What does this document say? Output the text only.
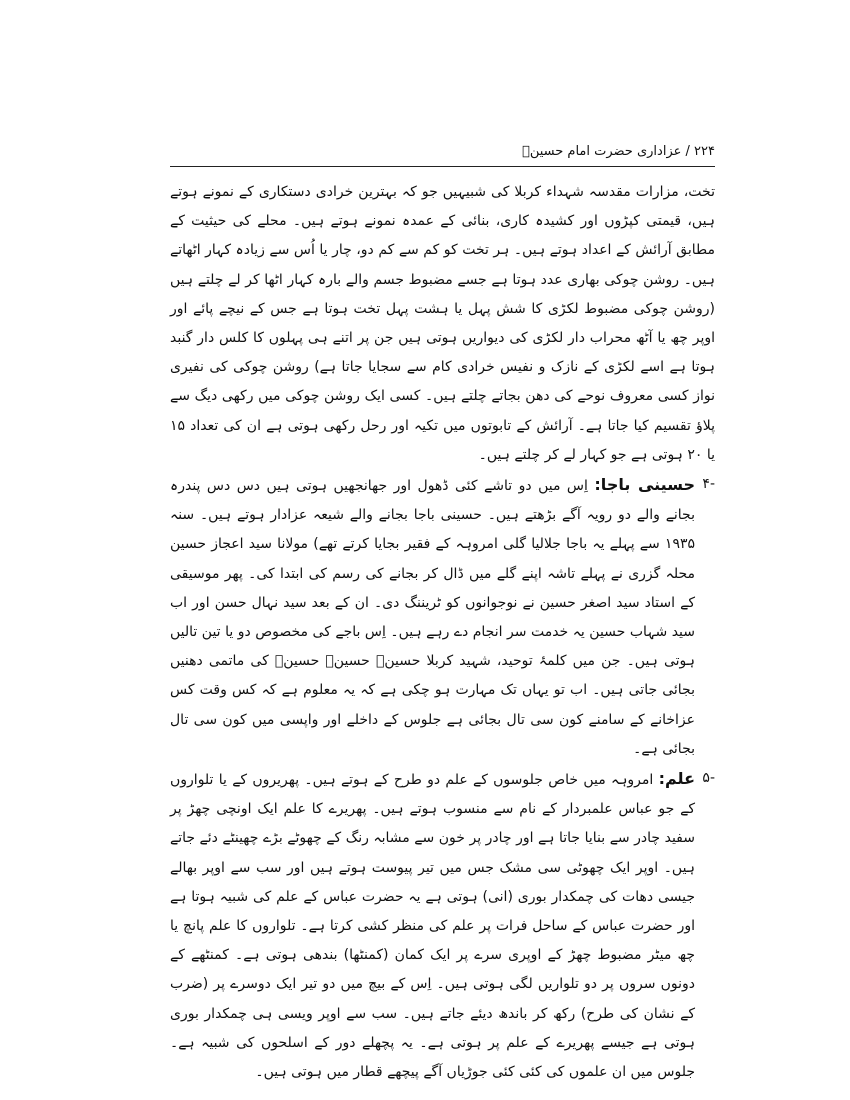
۲۲۴ / عزاداری حضرت امام حسینؑ

تخت، مزارات مقدسہ شہداء کربلا کی شبیہیں جو کہ بہترین خرادی دستکاری کے نمونے ہوتے ہیں، قیمتی کپڑوں اور کشیدہ کاری، بنائی کے عمدہ نمونے ہوتے ہیں۔ محلے کی حیثیت کے مطابق آرائش کے اعداد ہوتے ہیں۔ ہر تخت کو کم سے کم دو، چار یا اُس سے زیادہ کہار اٹھاتے ہیں۔ روشن چوکی بھاری عدد ہوتا ہے جسے مضبوط جسم والے بارہ کہار اٹھا کر لے چلتے ہیں (روشن چوکی مضبوط لکڑی کا شش پہل یا ہشت پہل تخت ہوتا ہے جس کے نیچے پائے اور اوپر چھ یا آٹھ محراب دار لکڑی کی دیواریں ہوتی ہیں جن پر اتنے ہی پہلوں کا کلس دار گنبد ہوتا ہے اسے لکڑی کے نازک و نفیس خرادی کام سے سجایا جاتا ہے) روشن چوکی کی نفیری نواز کسی معروف نوحے کی دھن بجاتے چلتے ہیں۔ کسی ایک روشن چوکی میں رکھی دیگ سے پلاؤ تقسیم کیا جاتا ہے۔ آرائش کے تابوتوں میں تکیہ اور رحل رکھی ہوتی ہے ان کی تعداد ۱۵ یا ۲۰ ہوتی ہے جو کہار لے کر چلتے ہیں۔

-۴
حسینی باجا: اِس میں دو تاشے کئی ڈھول اور جھانجھیں ہوتی ہیں دس دس پندرہ بجانے والے دو رویہ آگے بڑھتے ہیں۔ حسینی باجا بجانے والے شیعہ عزادار ہوتے ہیں۔ سنہ ۱۹۳۵ سے پہلے یہ باجا جلالیا گلی امروہہ کے فقیر بجایا کرتے تھے) مولانا سید اعجاز حسین محلہ گزری نے پہلے تاشہ اپنے گلے میں ڈال کر بجانے کی رسم کی ابتدا کی۔ پھر موسیقی کے استاد سید اصغر حسین نے نوجوانوں کو ٹریننگ دی۔ ان کے بعد سید نہال حسن اور اب سید شہاب حسین یہ خدمت سر انجام دے رہے ہیں۔ اِس باجے کی مخصوص دو یا تین تالیں ہوتی ہیں۔ جن میں کلمۂ توحید، شہید کربلا حسینؑ حسینؑ حسینؑ کی ماتمی دھنیں بجائی جاتی ہیں۔ اب تو یہاں تک مہارت ہو چکی ہے کہ یہ معلوم ہے کہ کس وقت کس عزاخانے کے سامنے کون سی تال بجائی ہے جلوس کے داخلے اور واپسی میں کون سی تال بجائی ہے۔

-۵
علم: امروہہ میں خاص جلوسوں کے علم دو طرح کے ہوتے ہیں۔ پھریروں کے یا تلواروں کے جو عباس علمبردار کے نام سے منسوب ہوتے ہیں۔ پھریرے کا علم ایک اونچی چھڑ پر سفید چادر سے بنایا جاتا ہے اور چادر پر خون سے مشابہ رنگ کے چھوٹے بڑے چھینٹے دئے جاتے ہیں۔ اوپر ایک چھوٹی سی مشک جس میں تیر پیوست ہوتے ہیں اور سب سے اوپر بھالے جیسی دھات کی چمکدار بوری (انی) ہوتی ہے یہ حضرت عباس کے علم کی شبیہ ہوتا ہے اور حضرت عباس کے ساحل فرات پر علم کی منظر کشی کرتا ہے۔ تلواروں کا علم پانچ یا چھ میٹر مضبوط چھڑ کے اوپری سرے پر ایک کمان (کمنٹھا) بندھی ہوتی ہے۔ کمنٹھے کے دونوں سروں پر دو تلواریں لگی ہوتی ہیں۔ اِس کے بیچ میں دو تیر ایک دوسرے پر (ضرب کے نشان کی طرح) رکھ کر باندھ دیئے جاتے ہیں۔ سب سے اوپر ویسی ہی چمکدار بوری ہوتی ہے جیسے پھریرے کے علم پر ہوتی ہے۔ یہ پچھلے دور کے اسلحوں کی شبیہ ہے۔ جلوس میں ان علموں کی کئی کئی جوڑیاں آگے پیچھے قطار میں ہوتی ہیں۔
